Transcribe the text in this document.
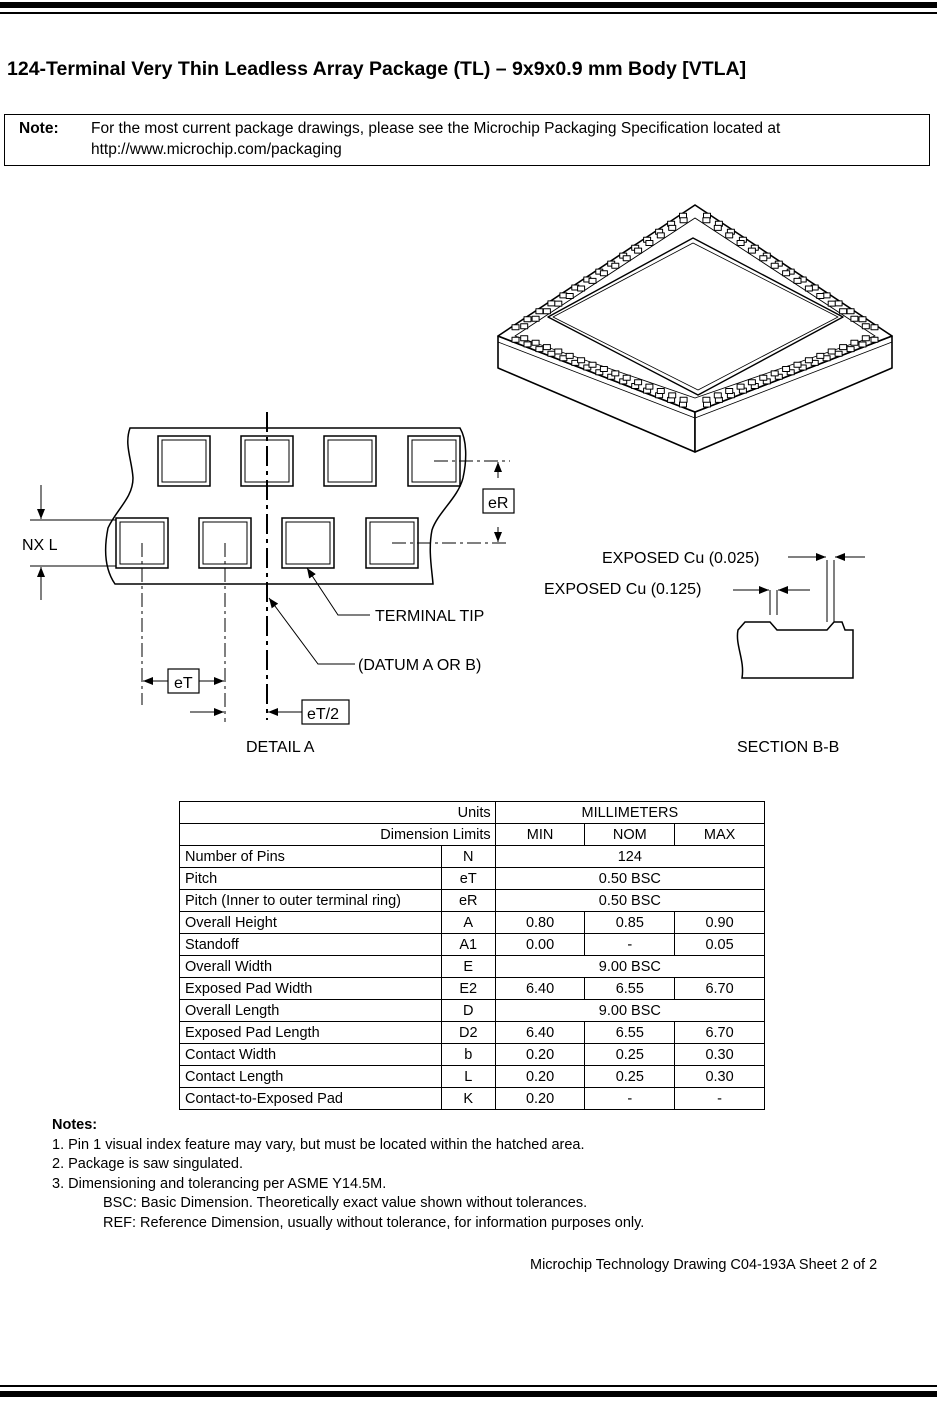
124-Terminal Very Thin Leadless Array Package (TL) – 9x9x0.9 mm Body [VTLA]
Note: For the most current package drawings, please see the Microchip Packaging Specification located at
http://www.microchip.com/packaging
NX L
eR
eT
eT/2
TERMINAL TIP
(DATUM A OR B)
DETAIL A
EXPOSED Cu (0.025)
EXPOSED Cu (0.125)
SECTION B-B
Units		MILLIMETERS		
Dimension Limits		MIN	NOM	MAX
Number of Pins	N	124		
Pitch	eT	0.50 BSC		
Pitch (Inner to outer terminal ring)	eR	0.50 BSC		
Overall Height	A	0.80	0.85	0.90
Standoff	A1	0.00	-	0.05
Overall Width	E	9.00 BSC		
Exposed Pad Width	E2	6.40	6.55	6.70
Overall Length	D	9.00 BSC		
Exposed Pad Length	D2	6.40	6.55	6.70
Contact Width	b	0.20	0.25	0.30
Contact Length	L	0.20	0.25	0.30
Contact-to-Exposed Pad	K	0.20	-	-
Notes:
1. Pin 1 visual index feature may vary, but must be located within the hatched area.
2. Package is saw singulated.
3. Dimensioning and tolerancing per ASME Y14.5M.
BSC: Basic Dimension. Theoretically exact value shown without tolerances.
REF: Reference Dimension, usually without tolerance, for information purposes only.
Microchip Technology Drawing C04-193A Sheet 2 of 2
